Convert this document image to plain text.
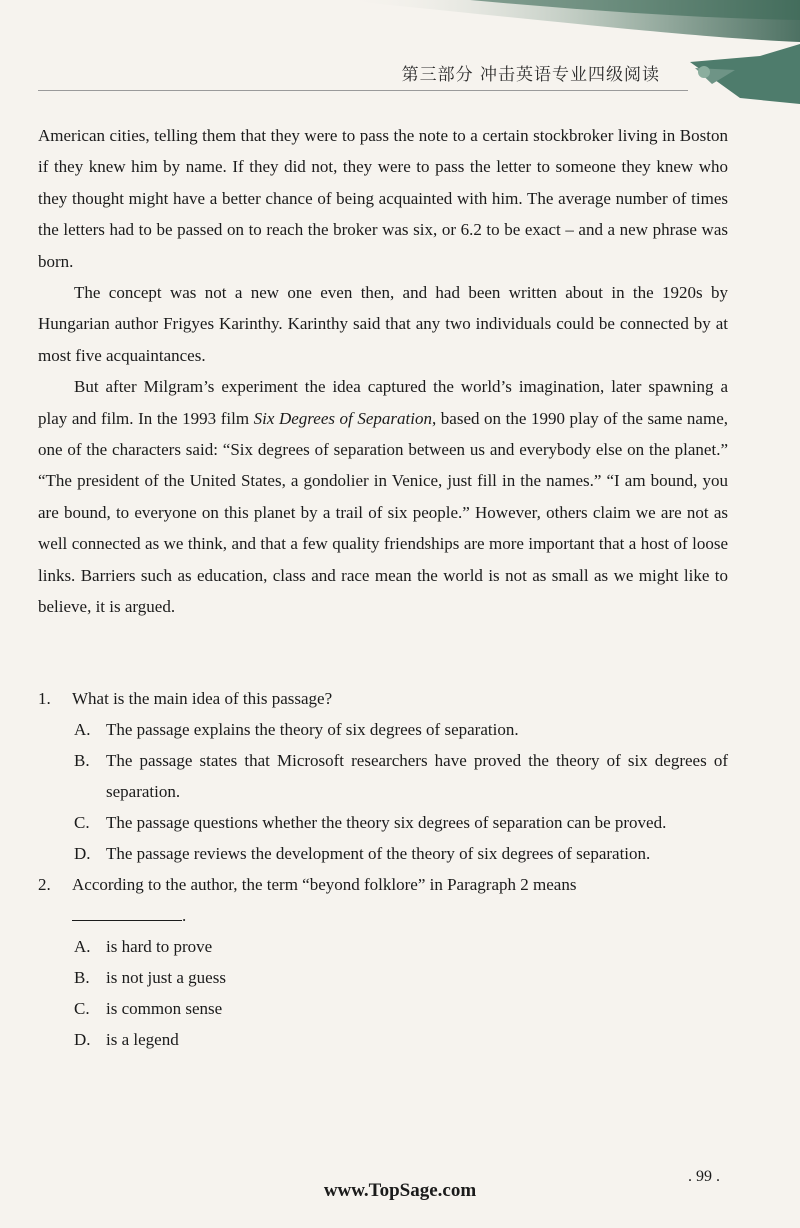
第三部分 冲击英语专业四级阅读

American cities, telling them that they were to pass the note to a certain stockbroker living in Boston if they knew him by name. If they did not, they were to pass the letter to someone they knew who they thought might have a better chance of being acquainted with him. The average number of times the letters had to be passed on to reach the broker was six, or 6.2 to be exact – and a new phrase was born.

The concept was not a new one even then, and had been written about in the 1920s by Hungarian author Frigyes Karinthy. Karinthy said that any two individuals could be connected by at most five acquaintances.

But after Milgram’s experiment the idea captured the world’s imagination, later spawning a play and film. In the 1993 film Six Degrees of Separation, based on the 1990 play of the same name, one of the characters said: “Six degrees of separation between us and everybody else on the planet.” “The president of the United States, a gondolier in Venice, just fill in the names.” “I am bound, you are bound, to everyone on this planet by a trail of six people.” However, others claim we are not as well connected as we think, and that a few quality friendships are more important that a host of loose links. Barriers such as education, class and race mean the world is not as small as we might like to believe, it is argued.

1.	What is the main idea of this passage?
A. The passage explains the theory of six degrees of separation.
B. The passage states that Microsoft researchers have proved the theory of six degrees of separation.
C. The passage questions whether the theory six degrees of separation can be proved.
D. The passage reviews the development of the theory of six degrees of separation.
2.	According to the author, the term “beyond folklore” in Paragraph 2 means
.
A. is hard to prove
B. is not just a guess
C. is common sense
D. is a legend
. 99 .
www.TopSage.com
